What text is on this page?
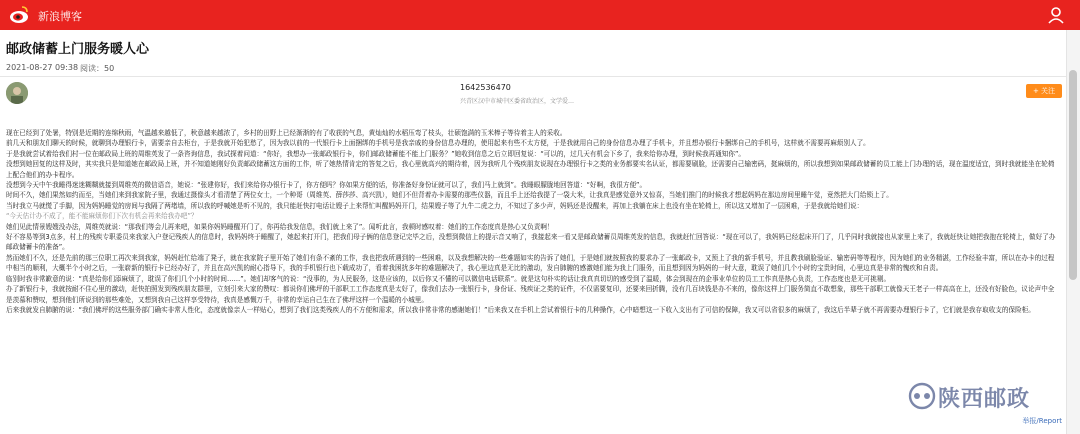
新浪博客
邮政储蓄上门服务暖人心
2021-08-27 09:38 阅读：50
1642536470
兴青区汉中市城中区委省政治区，文学爱…
+ 关注

现在已经到了处暑，特别是近期的连绵秋雨，气温越来越低了，秋意越来越浓了，乡村的田野上已经渐渐的有了收获的气息，黄灿灿的水稻压弯了枝头，壮硕饱满的玉米棒子等待着主人的采收。

前几天和朋友们聊天的时候，就聊到办理银行卡，需要亲自去柜台，于是我就开始犯愁了，因为我以前的一代银行卡上面捆绑的手机号是我亲戚的身份信息办理的，使用起来有些不太方便，于是我就用自己的身份信息办理了手机卡，并且想办银行卡捆绑自己的手机号，这样就不需要再麻烦别人了。

于是我就尝试着给我们村一位在邮政局上班的周维英发了一条咨询信息，我试探着问道：“你好，我想办一张邮政银行卡，你们邮政储蓄能不能上门服务？”她收到信息之后立即回复说：“可以的，过几天有机会下乡了，我来给你办理，到时候我再通知你”。

没想到她回复的这样及时，其实我只是知道她在邮政局上班，并不知道她刚好负责邮政储蓄这方面的工作，听了她热情肯定的答复之后，我心里就高兴的期待着，因为我听几个残疾朋友说现在办理银行卡之类的业务都要实名认证，都需要刷脸，还需要自己输密码，挺麻烦的，所以我想到如果邮政储蓄的员工能上门办理的话，现在温度适宜，到时我就能坐在轮椅上配合他们的办卡程序。

没想到今天中午我睡得迷迷糊糊就接到周维英的微信语音，她说：“张建你好，我们来给你办银行卡了，你方便吗？你如果方便的话，你准备好身份证就可以了，我们马上就到”。我睡眼朦胧地回答道：“好啊，我很方便”。

时间不久，她们果然如约而至，当她们来到我家院子里，我通过摄像头才看清楚了两位女士，一个种哥（周维英、薛莎莎、高兴凯），她们不但背着办卡需要的那些仪器，而且手上还给我提了一袋大米，让我真是感觉意外又惊喜，当她们推门的时候我才想起妈妈在那边房间里睡午觉，竟然把大门给锁上了。

当时我立马就慌了手脚，因为妈妈睡觉的房间与我隔了两堵墙，所以我的呼喊她是听不见的，我只能赶快打电话让嫂子上来帮忙叫醒妈妈开门，结果嫂子等了九牛二虎之力，不知过了多少声，妈妈还是没醒来，再加上我躺在床上也没有坐在轮椅上，所以这又增加了一层困难，于是我就给她们说：

“今天估计办不成了，能不能麻烦你们下次有机会再来给我办吧”？

她们见此情景嫂嫂没办法，周维英就说：“那我们等会儿再来吧，如果你妈妈睡醒开门了，你再给我发信息，我们就上来了”。闻听此言，我顿时感叹着：她们的工作态度真是热心又负责啊！

好不容易等到3点多，村上的残疾专职委员来我家入户登记残疾人的信息时，我妈妈终于睡醒了，她起来打开门，把我们母子俩的信息登记完毕之后，没想到微信上的提示音又响了，我接起来一看又是邮政储蓄员周维英发的信息，我就赶忙回答说：“现在可以了，我妈妈已经起床开门了，几乎同时我就接也从家里上来了，我就赶快让她把我抱在轮椅上，做好了办邮政储蓄卡的准备”。

然而她们不久，还是先前的那三位职工再次来到我家，妈妈赶忙给端了凳子，就在我家院子里开始了她们有条不紊的工作，我也把我所遇到的一些困难，以及我想解决的一些难题如实的告诉了她们，于是她们就按照我的要求办了一张邮政卡，又预上了我的新手机号，并且教我刷脸验证、输密码等等程序，因为她们的业务精湛，工作经验丰富，所以在办卡的过程中相当的顺利，大概半个小时之后，一张崭新的银行卡已经办好了，并且在高兴凯的耐心指导下，我的手机银行也下载成功了，看着我困扰多年的难题解决了，我心里边真是无比的激动，发自肺腑的感激她们能为我上门服务，而且想到因为妈妈的一时大意，耽误了她们几个小时的宝贵时间，心里边真是非常的愧疚和自责。

临别时我非常歉意的说：“真是给你们添麻烦了，耽误了你们几个小时的时间……”。她们却客气的说：“没事的，为人民服务，这是应该的，以后你又不懂的可以微信电话联系”。就是这句朴实的话让我真真切切的感受到了温暖，体会到现在的企事业单位的员工工作真是热心负责，工作态度也是无可挑剔。

办了新银行卡，我就按耐不住心里的激动，赶快拍照发到残疾朋友群里，立刻引来大家的赞叹：都说你们佛坪的干部职工工作态度真是太好了，像我们去办一张银行卡，身份证、残疾证之类的证件，不仅需要复印，还要来回折腾，没有几百块钱是办不来的，像你这样上门服务简直不敢想象，那些干部职工就像天王老子一样高高在上，还没有好脸色，议论声中全是羡慕和赞叹，想到他们所说到的那些难处，又想到我自己这样享受特待，我真是感慨万千，非常的幸运自己生在了佛坪这样一个温暖的小城里。

后来我就发自肺腑的说：“我们佛坪的这些服务部门确实非常人性化，态度就像亲人一样贴心，想到了我们这类残疾人的不方便和需求，所以我非常非常的感谢她们！”后来我又在手机上尝试着银行卡的几种操作，心中暗想这一下收入支出有了可信的保障，我又可以省很多的麻烦了，我这后半辈子就不再需要办理银行卡了，它们就是我存取收支的保险柜。

陕西邮政
举报/Report
